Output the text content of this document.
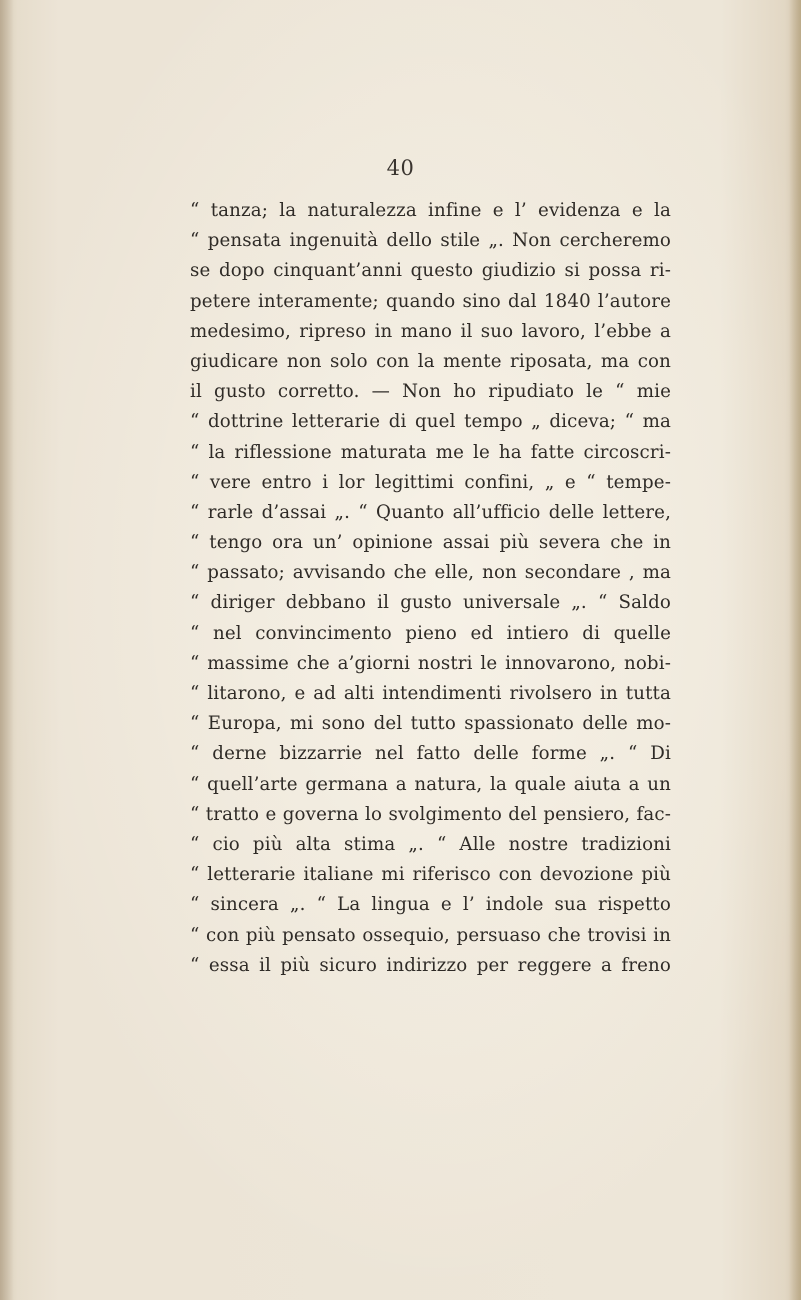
40
“ tanza; la naturalezza infine e l’ evidenza e la
“ pensata ingenuità dello stile „. Non cercheremo
se dopo cinquant’anni questo giudizio si possa ri-
petere interamente; quando sino dal 1840 l’autore
medesimo, ripreso in mano il suo lavoro, l’ebbe a
giudicare non solo con la mente riposata, ma con
il gusto corretto. — Non ho ripudiato le “ mie
“ dottrine letterarie di quel tempo „ diceva; “ ma
“ la riflessione maturata me le ha fatte circoscri-
“ vere entro i lor legittimi confini, „ e “ tempe-
“ rarle d’assai „. “ Quanto all’ufficio delle lettere,
“ tengo ora un’ opinione assai più severa che in
“ passato; avvisando che elle, non secondare , ma
“ diriger debbano il gusto universale „. “ Saldo
“ nel convincimento pieno ed intiero di quelle
“ massime che a’giorni nostri le innovarono, nobi-
“ litarono, e ad alti intendimenti rivolsero in tutta
“ Europa, mi sono del tutto spassionato delle mo-
“ derne bizzarrie nel fatto delle forme „. “ Di
“ quell’arte germana a natura, la quale aiuta a un
“ tratto e governa lo svolgimento del pensiero, fac-
“ cio più alta stima „. “ Alle nostre tradizioni
“ letterarie italiane mi riferisco con devozione più
“ sincera „. “ La lingua e l’ indole sua rispetto
“ con più pensato ossequio, persuaso che trovisi in
“ essa il più sicuro indirizzo per reggere a freno
